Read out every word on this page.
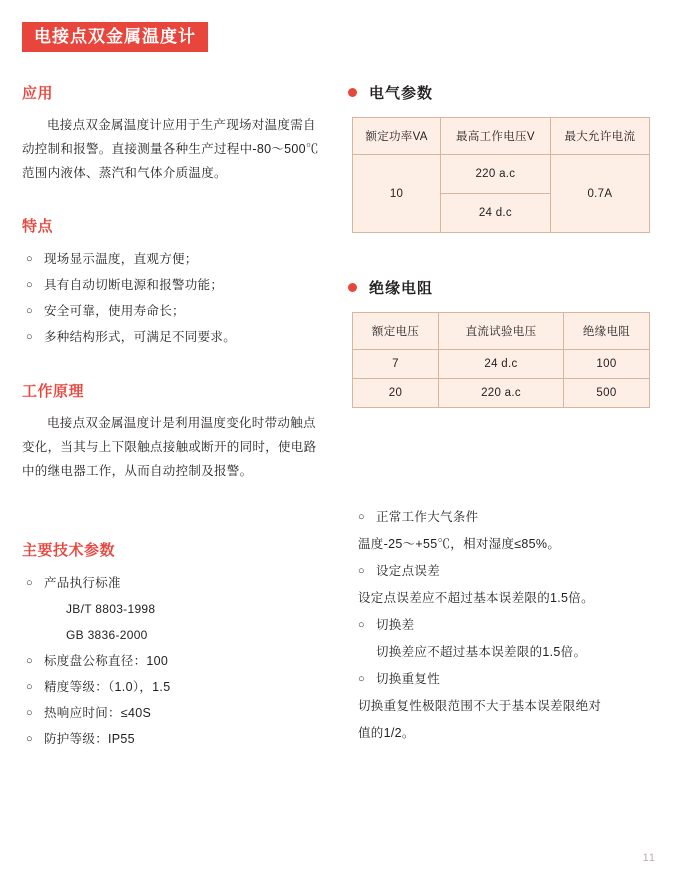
电接点双金属温度计
应用

电接点双金属温度计应用于生产现场对温度需自动控制和报警。直接测量各种生产过程中-80～500℃范围内液体、蒸汽和气体介质温度。

特点
○ 现场显示温度，直观方便；
○ 具有自动切断电源和报警功能；
○ 安全可靠，使用寿命长；
○ 多种结构形式，可满足不同要求。
工作原理

电接点双金属温度计是利用温度变化时带动触点变化，当其与上下限触点接触或断开的同时，使电路中的继电器工作，从而自动控制及报警。

主要技术参数
○ 产品执行标准
JB/T 8803-1998
GB 3836-2000
○ 标度盘公称直径：100
○ 精度等级：（1.0），1.5
○ 热响应时间：≤40S
○ 防护等级：IP55
电气参数
额定功率VA	最高工作电压V	最大允许电流
10	220 a.c	0.7A
	24 d.c	
绝缘电阻
额定电压	直流试验电压	绝缘电阻
7	24 d.c	100
20	220 a.c	500
○ 正常工作大气条件
温度-25～+55℃，相对湿度≤85%。
○ 设定点误差
设定点误差应不超过基本误差限的1.5倍。
○ 切换差
切换差应不超过基本误差限的1.5倍。
○ 切换重复性
切换重复性极限范围不大于基本误差限绝对
值的1/2。
11
